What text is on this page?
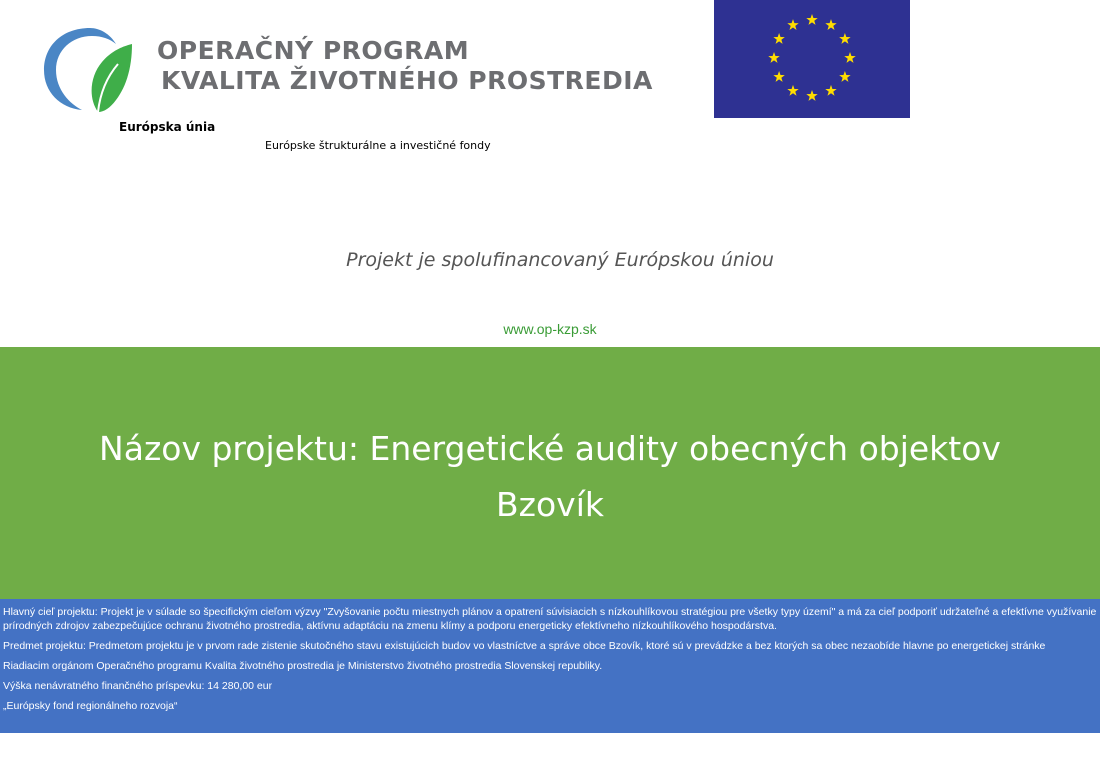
OPERAČNÝ PROGRAM
KVALITA ŽIVOTNÉHO PROSTREDIA
Európska únia
Európske štrukturálne a investičné fondy
Projekt je spolufinancovaný Európskou úniou
www.op-kzp.sk
Názov projektu: Energetické audity obecných objektov
Bzovík

Hlavný cieľ projektu: Projekt je v súlade so špecifickým cieľom výzvy "Zvyšovanie počtu miestnych plánov a opatrení súvisiacich s nízkouhlíkovou stratégiou pre všetky typy území" a má za cieľ podporiť udržateľné a efektívne využívanie prírodných zdrojov zabezpečujúce ochranu životného prostredia, aktívnu adaptáciu na zmenu klímy a podporu energeticky efektívneho nízkouhlíkového hospodárstva.

Predmet projektu: Predmetom projektu je v prvom rade zistenie skutočného stavu existujúcich budov vo vlastníctve a správe obce Bzovík, ktoré sú v prevádzke a bez ktorých sa obec nezaobíde hlavne po energetickej stránke

Riadiacim orgánom Operačného programu Kvalita životného prostredia je Ministerstvo životného prostredia Slovenskej republiky.

Výška nenávratného finančného príspevku: 14 280,00 eur

„Európsky fond regionálneho rozvoja“
